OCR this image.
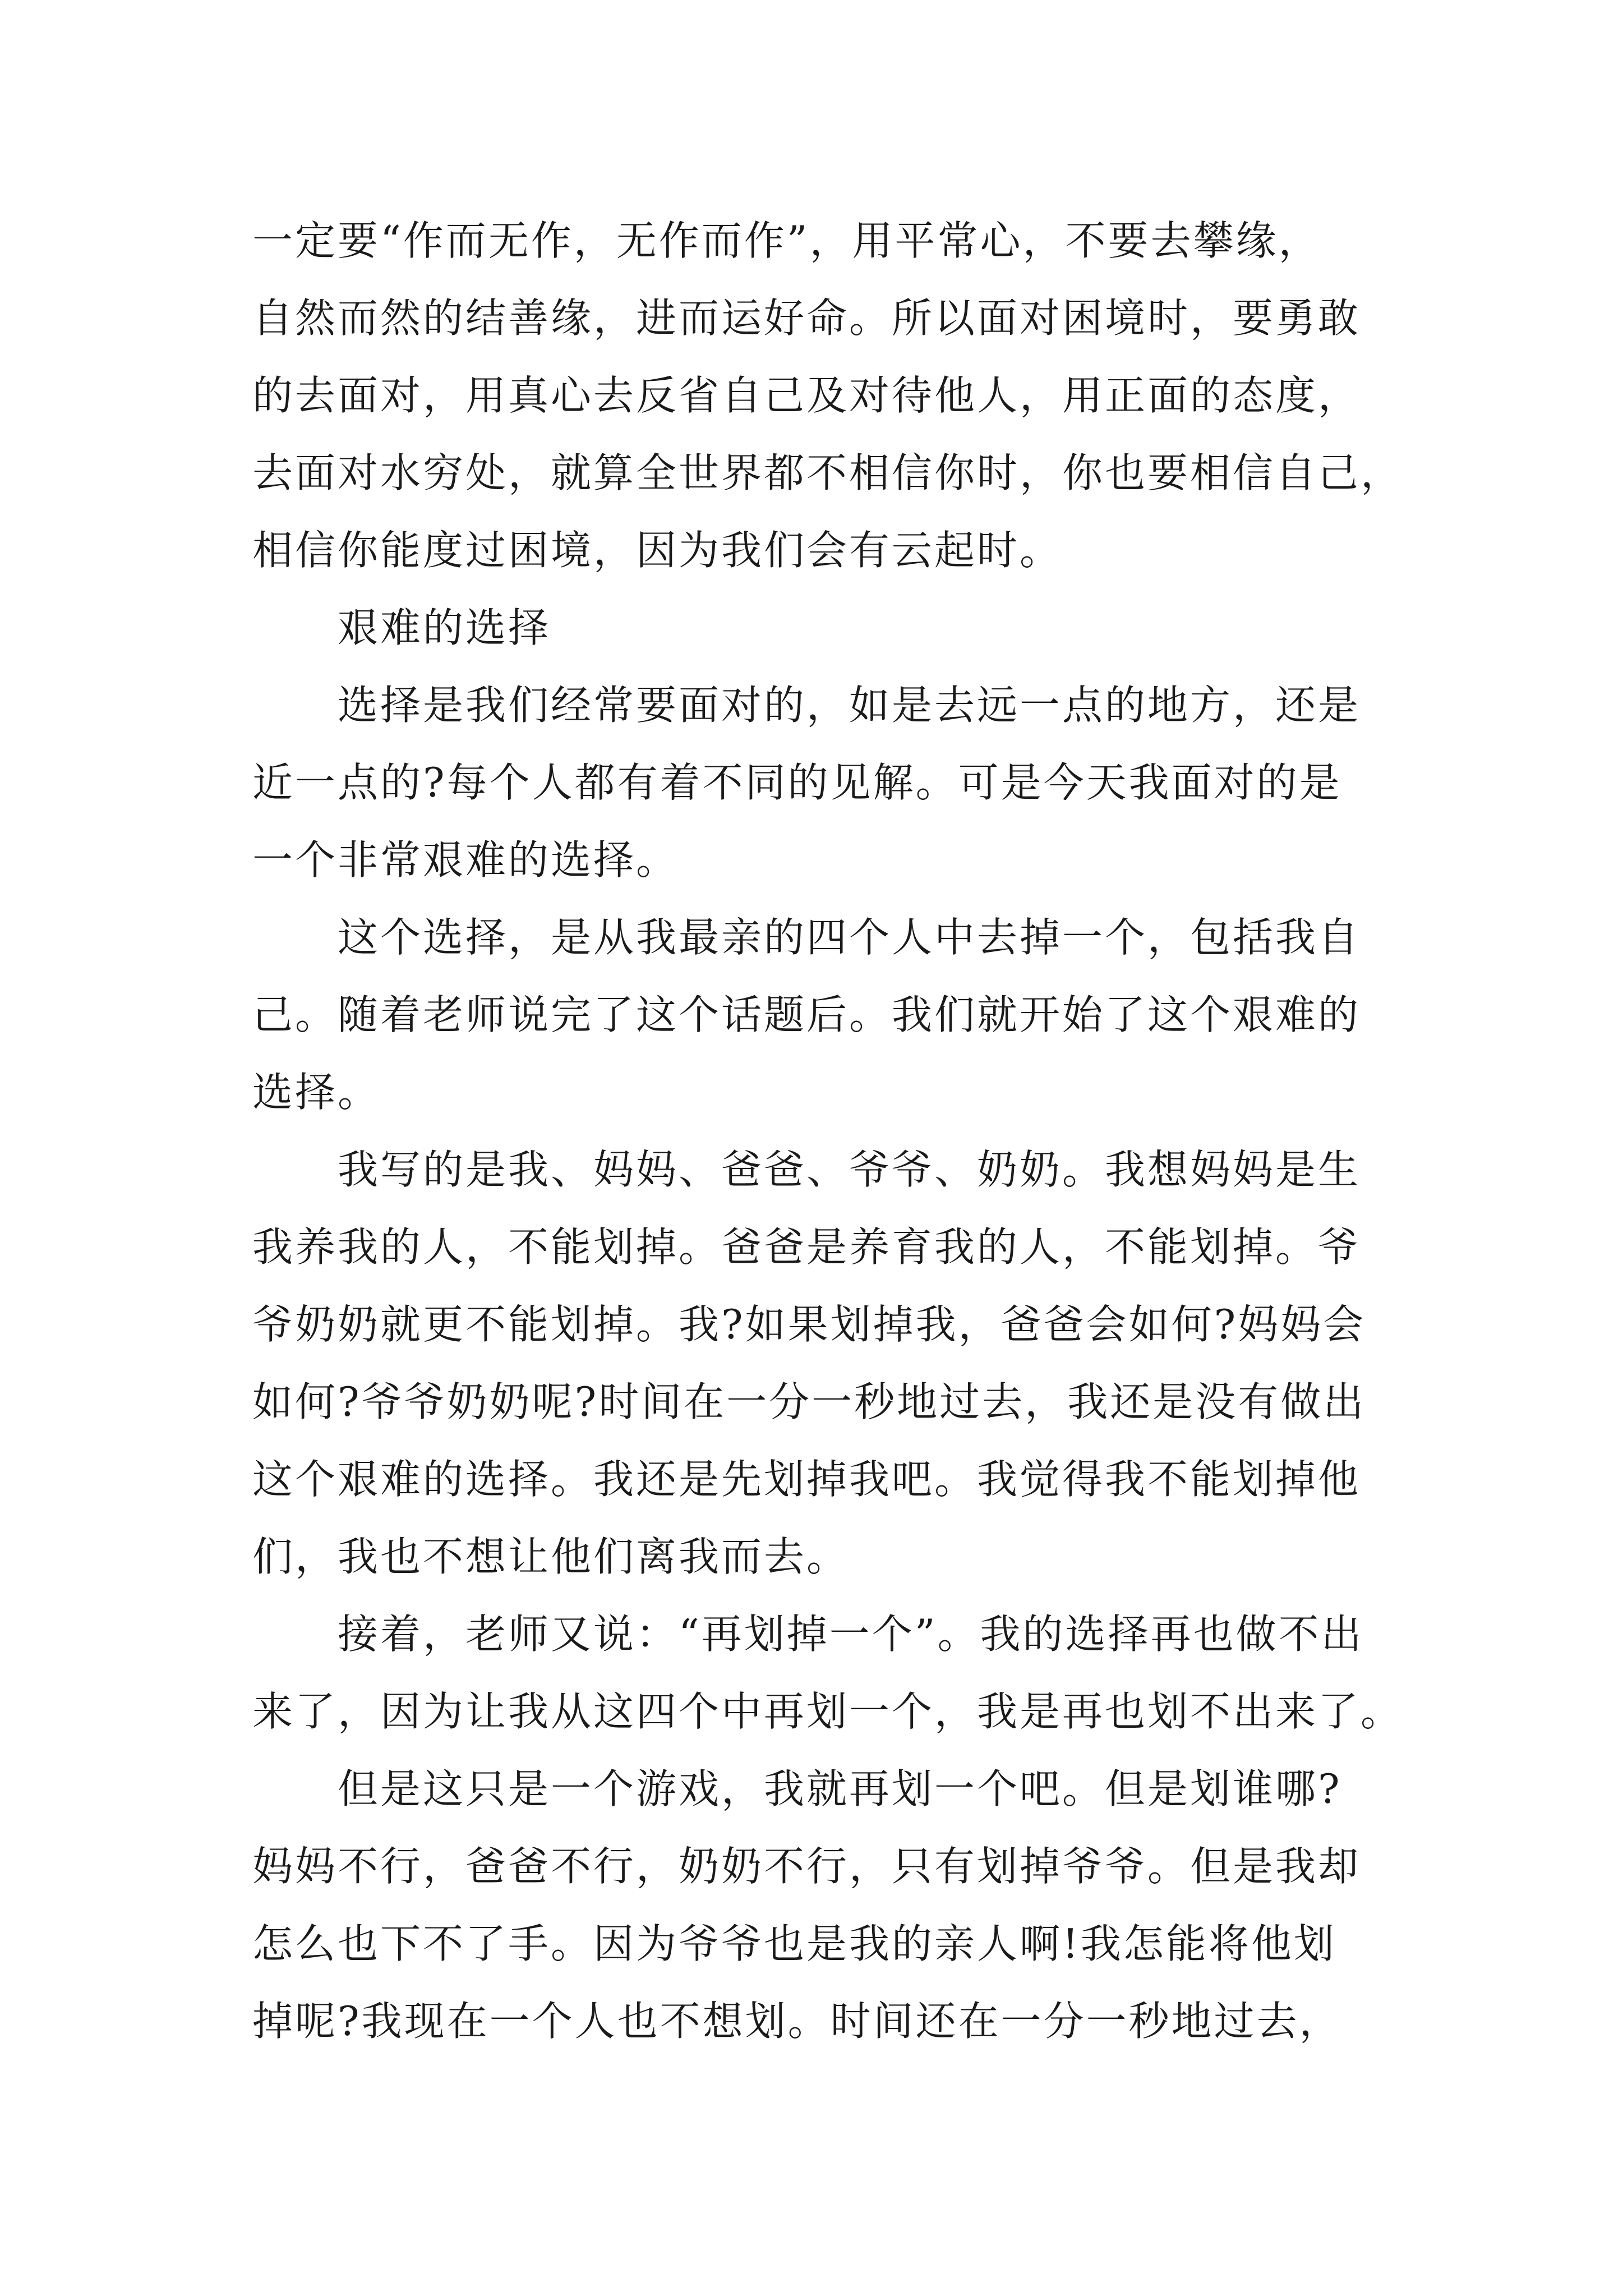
一定要“作而无作，无作而作”，用平常心，不要去攀缘，
自然而然的结善缘，进而运好命。所以面对困境时，要勇敢
的去面对，用真心去反省自己及对待他人，用正面的态度，
去面对水穷处，就算全世界都不相信你时，你也要相信自己，
相信你能度过困境，因为我们会有云起时。
艰难的选择
选择是我们经常要面对的，如是去远一点的地方，还是
近一点的?每个人都有着不同的见解。可是今天我面对的是
一个非常艰难的选择。
这个选择，是从我最亲的四个人中去掉一个，包括我自
己。随着老师说完了这个话题后。我们就开始了这个艰难的
选择。
我写的是我、妈妈、爸爸、爷爷、奶奶。我想妈妈是生
我养我的人，不能划掉。爸爸是养育我的人，不能划掉。爷
爷奶奶就更不能划掉。我?如果划掉我，爸爸会如何?妈妈会
如何?爷爷奶奶呢?时间在一分一秒地过去，我还是没有做出
这个艰难的选择。我还是先划掉我吧。我觉得我不能划掉他
们，我也不想让他们离我而去。
接着，老师又说：“再划掉一个”。我的选择再也做不出
来了，因为让我从这四个中再划一个，我是再也划不出来了。
但是这只是一个游戏，我就再划一个吧。但是划谁哪?
妈妈不行，爸爸不行，奶奶不行，只有划掉爷爷。但是我却
怎么也下不了手。因为爷爷也是我的亲人啊!我怎能将他划
掉呢?我现在一个人也不想划。时间还在一分一秒地过去，
